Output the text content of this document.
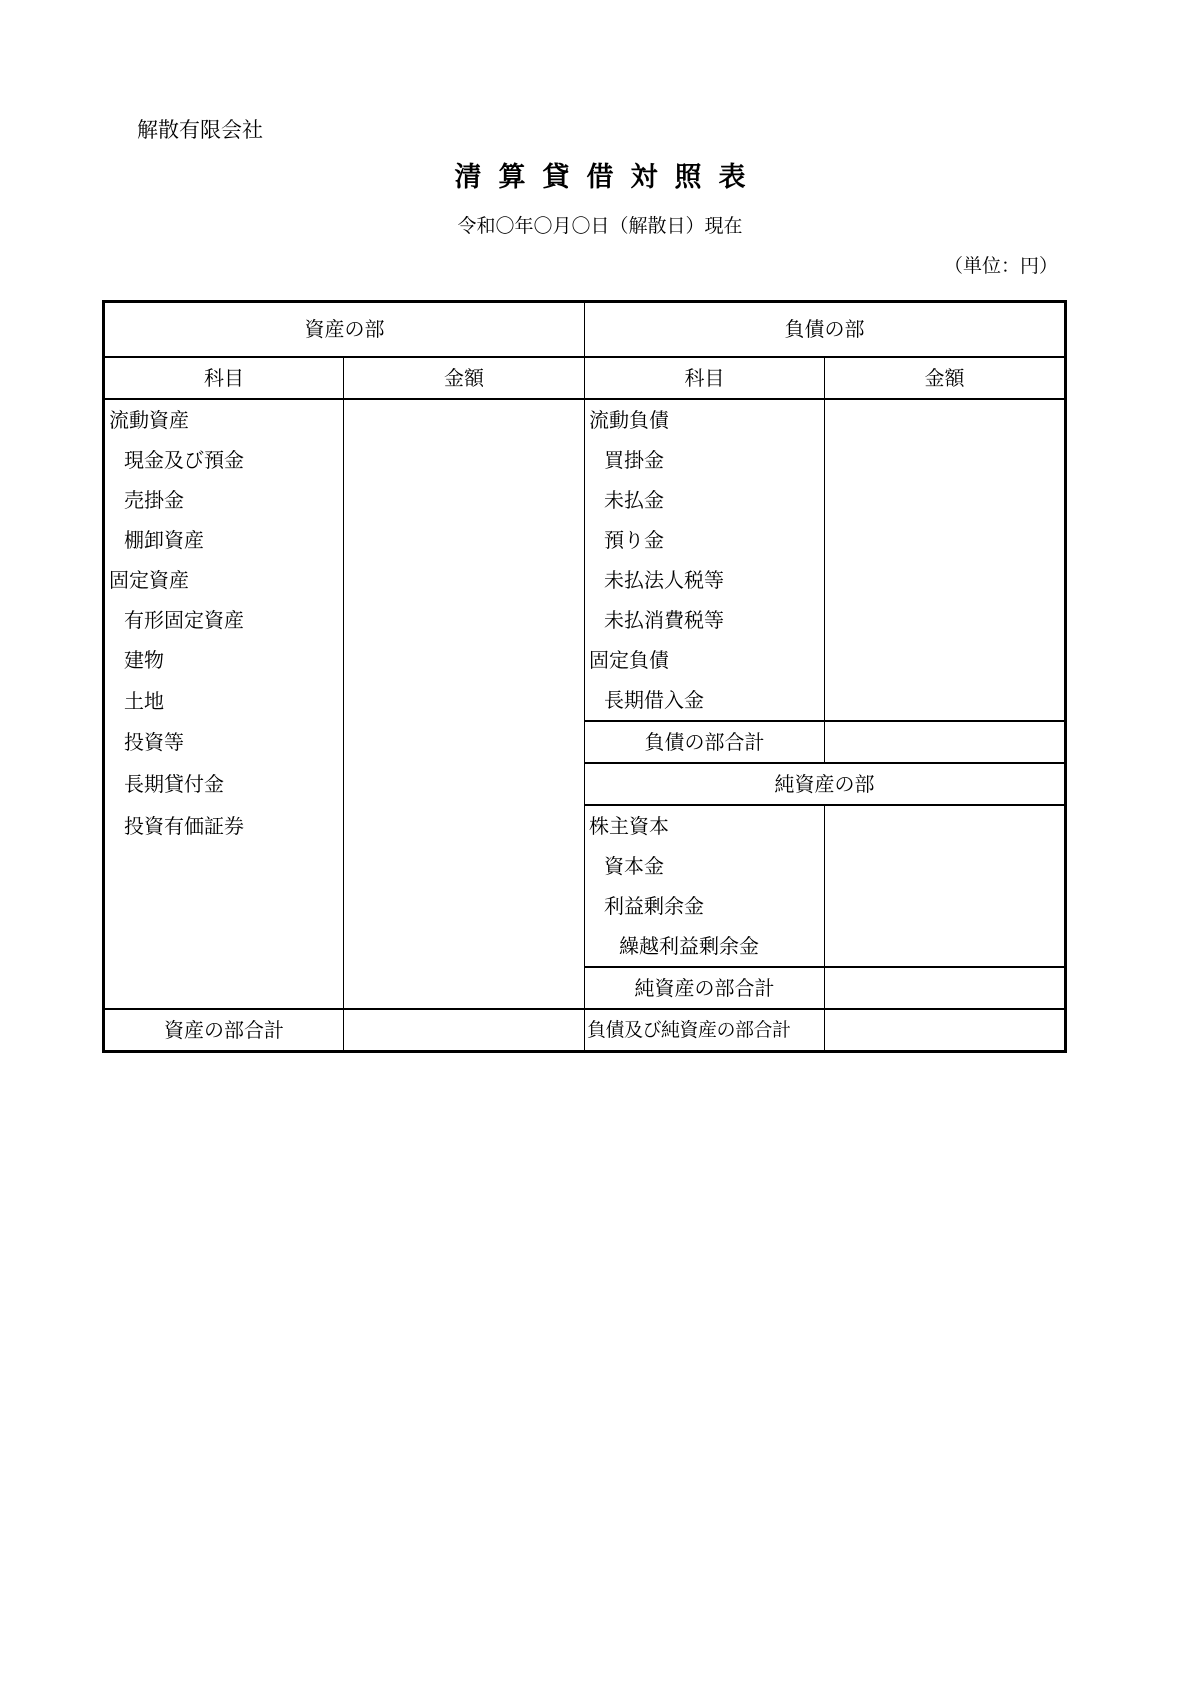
解散有限会社
清算貸借対照表
令和〇年〇月〇日（解散日）現在
（単位：円）
資産の部		負債の部	
科目	金額	科目	金額
流動資産		流動負債	
現金及び預金		買掛金	
売掛金		未払金	
棚卸資産		預り金	
固定資産		未払法人税等	
有形固定資産		未払消費税等	
建物		固定負債	
土地		長期借入金	
投資等		負債の部合計	
長期貸付金		純資産の部	
投資有価証券		株主資本	
		資本金	
		利益剰余金	
		繰越利益剰余金	
		純資産の部合計	
資産の部合計		負債及び純資産の部合計	
